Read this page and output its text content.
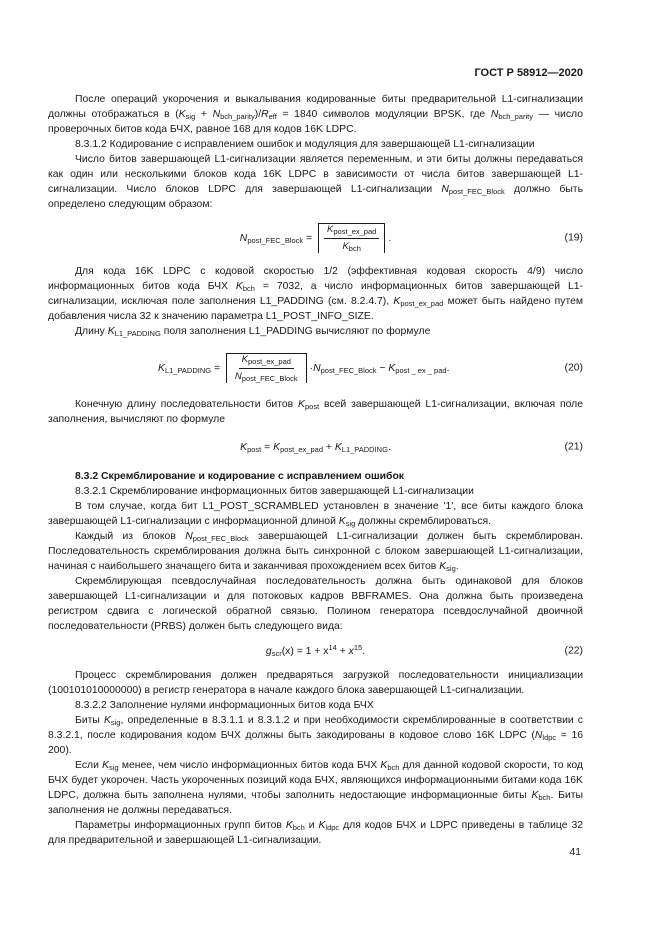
ГОСТ Р 58912—2020

После операций укорочения и выкалывания кодированные биты предварительной L1-сигнализации должны отображаться в $(K_{sig} + N_{bch\_parity})/R_{eff} = 1840$ символов модуляции BPSK, где $N_{bch\_parity}$ — число проверочных битов кода БЧХ, равное 168 для кодов 16K LDPC.

8.3.1.2 Кодирование с исправлением ошибок и модуляция для завершающей L1-сигнализации

Число битов завершающей L1-сигнализации является переменным, и эти биты должны передаваться как один или несколькими блоков кода 16K LDPC в зависимости от числа битов завершающей L1-сигнализации. Число блоков LDPC для завершающей L1-сигнализации $N_{post\_FEC\_Block}$ должно быть определено следующим образом:

$N_{post\_FEC\_Block} = \frac{K_{post\_ex\_pad}}{K_{bch}}$ .	(19)

Для кода 16K LDPC с кодовой скоростью 1/2 (эффективная кодовая скорость 4/9) число информационных битов кода БЧХ $K_{bch} = 7032$, а число информационных битов завершающей L1-сигнализации, исключая поле заполнения L1_PADDING (см. 8.2.4.7), $K_{post\_ex\_pad}$ может быть найдено путем добавления числа 32 к значению параметра L1_POST_INFO_SIZE.

Длину $K_{L1\_PADDING}$ поля заполнения L1_PADDING вычисляют по формуле

$K_{L1\_PADDING} = \frac{K_{post\_ex\_pad}}{N_{post\_FEC\_Block}} \cdot N_{post\_FEC\_Block} - K_{post \_ ex \_ pad}$.	(20)

Конечную длину последовательности битов $K_{post}$ всей завершающей L1-сигнализации, включая поле заполнения, вычисляют по формуле

$K_{post} = K_{post\_ex\_pad} + K_{L1\_PADDING}$.	(21)

8.3.2 Скремблирование и кодирование с исправлением ошибок

8.3.2.1 Скремблирование информационных битов завершающей L1-сигнализации

В том случае, когда бит L1_POST_SCRAMBLED установлен в значение '1', все биты каждого блока завершающей L1-сигнализации с информационной длиной $K_{sig}$ должны скремблироваться.

Каждый из блоков $N_{post\_FEC\_Block}$ завершающей L1-сигнализации должен быть скремблирован. Последовательность скремблирования должна быть синхронной с блоком завершающей L1-сигнализации, начиная с наибольшего значащего бита и заканчивая прохождением всех битов $K_{sig}$.

Скремблирующая псевдослучайная последовательность должна быть одинаковой для блоков завершающей L1-сигнализации и для потоковых кадров BBFRAMES. Она должна быть произведена регистром сдвига с логической обратной связью. Полином генератора псевдослучайной двоичной последовательности (PRBS) должен быть следующего вида:

$g_{scr}(x) = 1 + x^{14} + x^{15}$.	(22)

Процесс скремблирования должен предваряться загрузкой последовательности инициализации (100101010000000) в регистр генератора в начале каждого блока завершающей L1-сигнализации.

8.3.2.2 Заполнение нулями информационных битов кода БЧХ

Биты $K_{sig}$, определенные в 8.3.1.1 и 8.3.1.2 и при необходимости скремблированные в соответствии с 8.3.2.1, после кодирования кодом БЧХ должны быть закодированы в кодовое слово 16K LDPC ($N_{ldpc} = 16$ 200).

Если $K_{sig}$ менее, чем число информационных битов кода БЧХ $K_{bch}$ для данной кодовой скорости, то код БЧХ будет укорочен. Часть укороченных позиций кода БЧХ, являющихся информационными битами кода 16K LDPC, должна быть заполнена нулями, чтобы заполнить недостающие информационные биты $K_{bch}$. Биты заполнения не должны передаваться.

Параметры информационных групп битов $K_{bch}$ и $K_{ldpc}$ для кодов БЧХ и LDPC приведены в таблице 32 для предварительной и завершающей L1-сигнализации.

41
